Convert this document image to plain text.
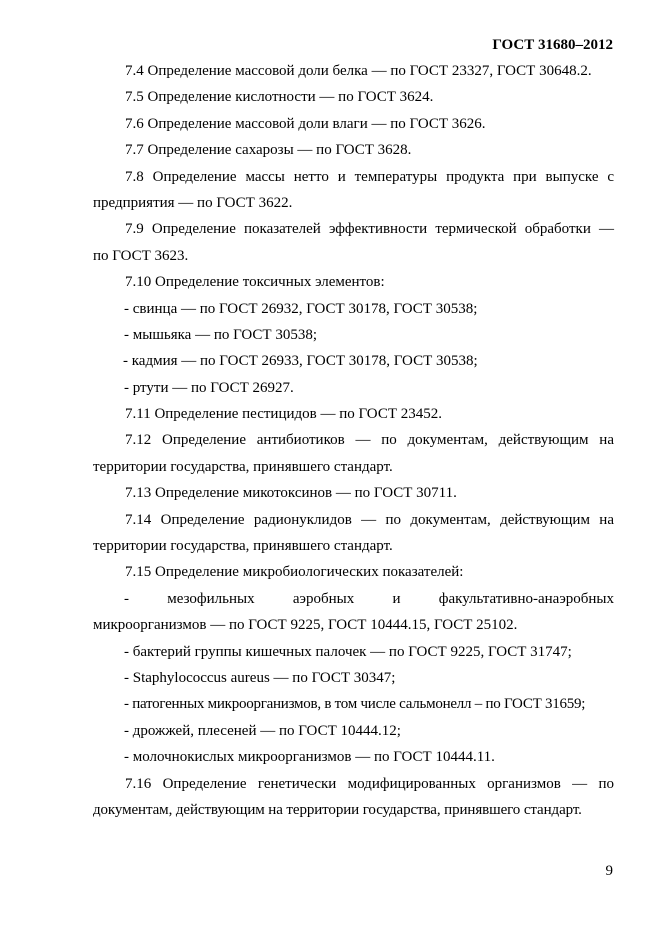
ГОСТ 31680–2012
7.4 Определение массовой доли белка — по ГОСТ 23327, ГОСТ 30648.2.
7.5 Определение кислотности — по ГОСТ 3624.
7.6 Определение массовой доли влаги — по ГОСТ 3626.
7.7 Определение сахарозы — по ГОСТ 3628.
7.8 Определение массы нетто и температуры продукта при выпуске с
предприятия — по ГОСТ 3622.
7.9 Определение показателей эффективности термической обработки —
по ГОСТ 3623.
7.10 Определение токсичных элементов:
- свинца — по ГОСТ 26932, ГОСТ 30178, ГОСТ 30538;
- мышьяка — по ГОСТ 30538;
- кадмия — по ГОСТ 26933, ГОСТ 30178, ГОСТ 30538;
- ртути — по ГОСТ 26927.
7.11 Определение пестицидов — по ГОСТ 23452.
7.12 Определение антибиотиков — по документам, действующим на
территории государства, принявшего стандарт.
7.13 Определение микотоксинов — по ГОСТ 30711.
7.14 Определение радионуклидов — по документам, действующим на
территории государства, принявшего стандарт.
7.15 Определение микробиологических показателей:
- мезофильных аэробных и факультативно-анаэробных
микроорганизмов — по ГОСТ 9225, ГОСТ 10444.15, ГОСТ 25102.
- бактерий группы кишечных палочек — по ГОСТ 9225, ГОСТ 31747;
- Staphylococcus aureus — по ГОСТ 30347;
- патогенных микроорганизмов, в том числе сальмонелл – по ГОСТ 31659;
- дрожжей, плесеней — по ГОСТ 10444.12;
- молочнокислых микроорганизмов — по ГОСТ 10444.11.
7.16 Определение генетически модифицированных организмов — по
документам, действующим на территории государства, принявшего стандарт.
9
